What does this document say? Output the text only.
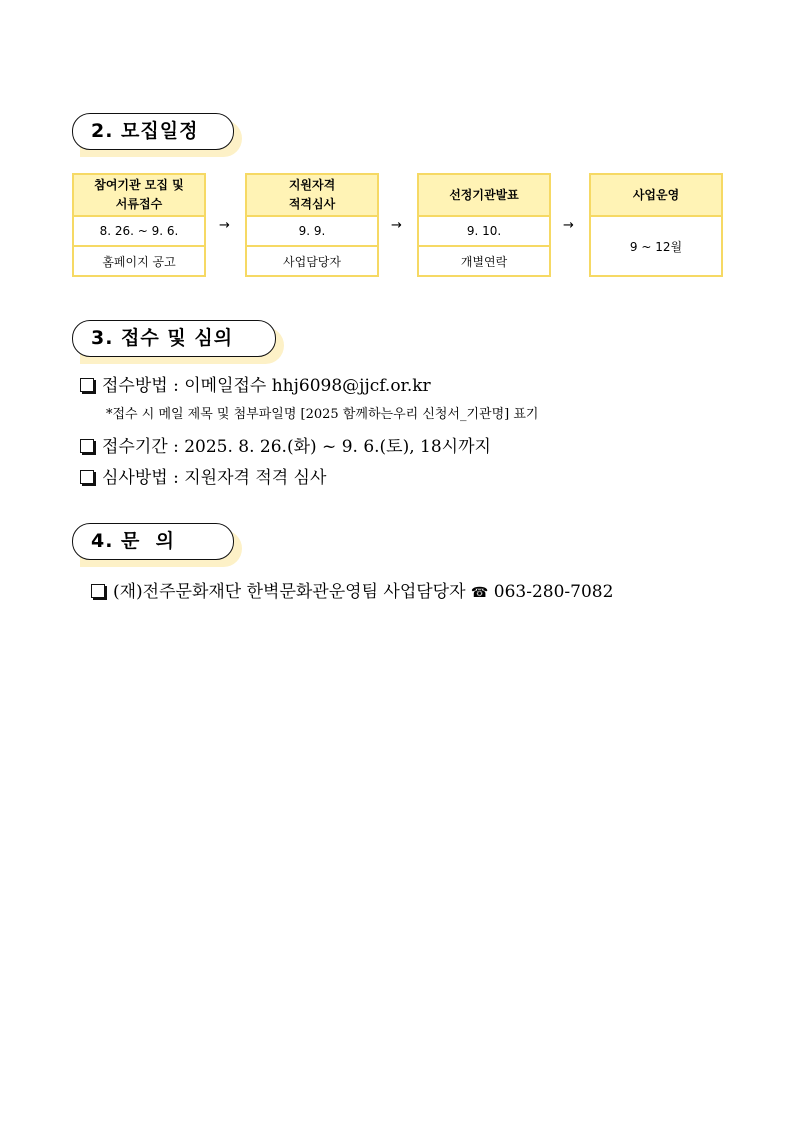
2. 모집일정
참여기관 모집 및
서류접수
8. 26. ~ 9. 6.
홈페이지 공고
→
지원자격
적격심사
9. 9.
사업담당자
→
선정기관발표
9. 10.
개별연락
→
사업운영
9 ~ 12월
3. 접수 및 심의
접수방법 : 이메일접수 hhj6098@jjcf.or.kr
*접수 시 메일 제목 및 첨부파일명 [2025 함께하는우리 신청서_기관명] 표기
접수기간 : 2025. 8. 26.(화) ~ 9. 6.(토), 18시까지
심사방법 : 지원자격 적격 심사
4. 문  의
(재)전주문화재단 한벽문화관운영팀 사업담당자 ☎ 063-280-7082
